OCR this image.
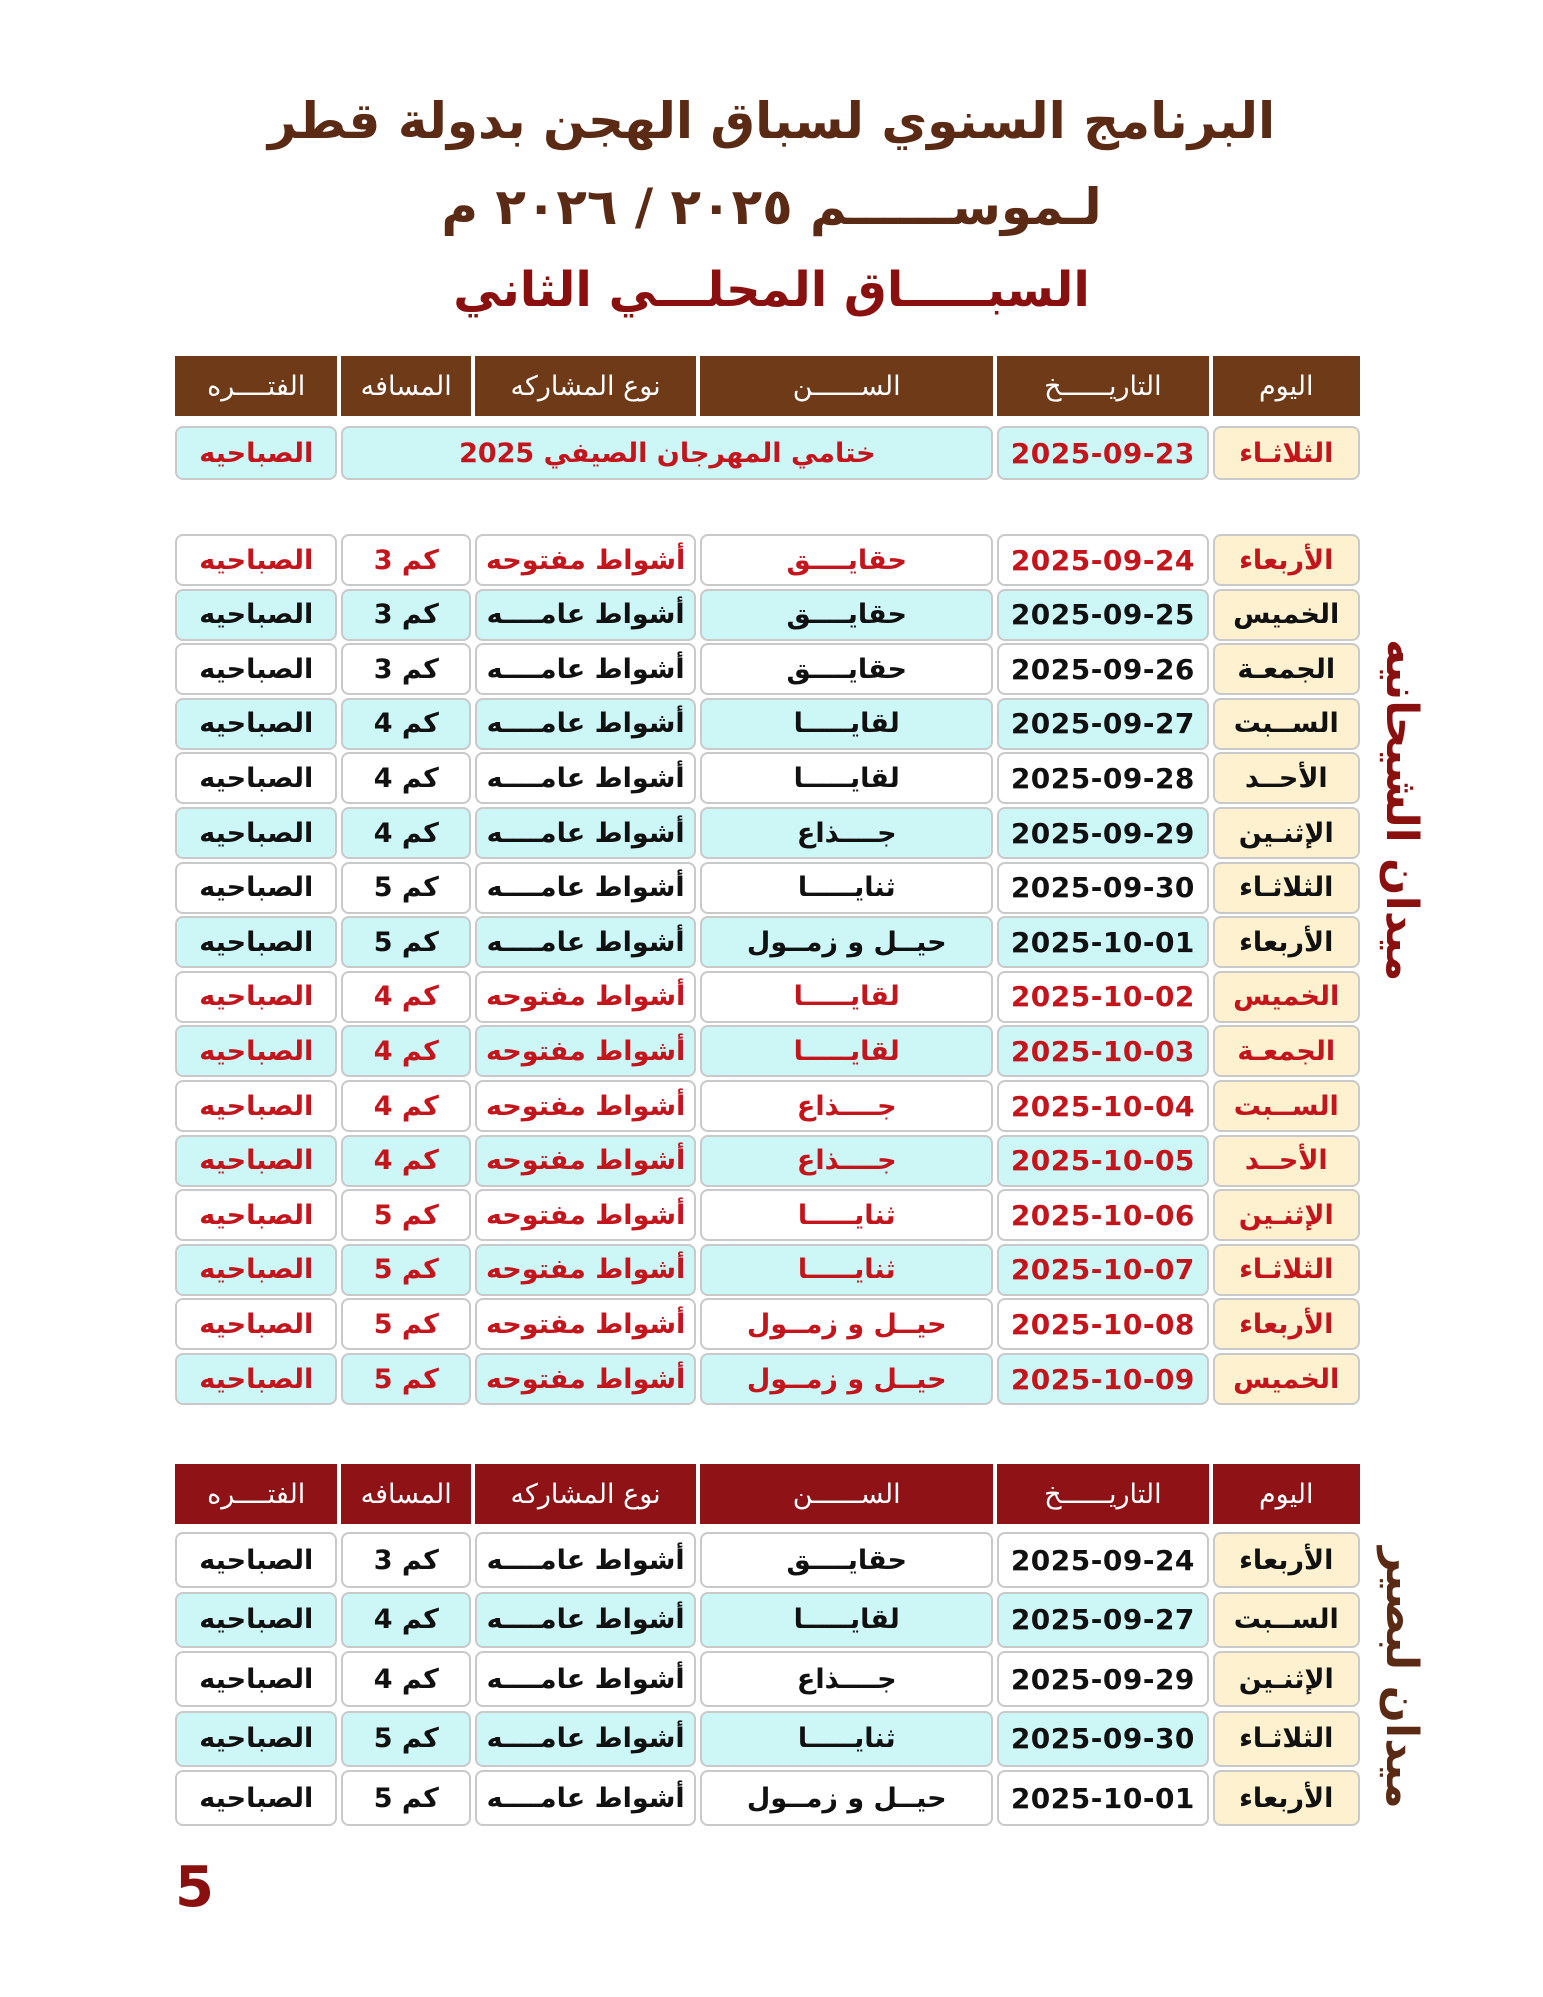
البرنامج السنوي لسباق الهجن بدولة قطر
لـموســــــم ٢٠٢٥ / ٢٠٢٦ م
السبـــــاق المحلـــي الثاني
اليوم
التاريــــــخ
الســــــن
نوع المشاركه
المسافه
الفتــــره
الثلاثـاء
2025-09-23
ختامي المهرجان الصيفي 2025
الصباحيه
الأربعاء
2025-09-24
حقايــــق
أشواط مفتوحه
3 كم
الصباحيه
الخميس
2025-09-25
حقايــــق
أشواط عامــــه
3 كم
الصباحيه
الجمعـة
2025-09-26
حقايــــق
أشواط عامــــه
3 كم
الصباحيه
الســبت
2025-09-27
لقايـــــا
أشواط عامــــه
4 كم
الصباحيه
الأحــد
2025-09-28
لقايـــــا
أشواط عامــــه
4 كم
الصباحيه
الإثنـين
2025-09-29
جــــذاع
أشواط عامــــه
4 كم
الصباحيه
الثلاثـاء
2025-09-30
ثنايـــــا
أشواط عامــــه
5 كم
الصباحيه
الأربعاء
2025-10-01
حيــل و زمــول
أشواط عامــــه
5 كم
الصباحيه
الخميس
2025-10-02
لقايـــــا
أشواط مفتوحه
4 كم
الصباحيه
الجمعـة
2025-10-03
لقايـــــا
أشواط مفتوحه
4 كم
الصباحيه
الســبت
2025-10-04
جــــذاع
أشواط مفتوحه
4 كم
الصباحيه
الأحــد
2025-10-05
جــــذاع
أشواط مفتوحه
4 كم
الصباحيه
الإثنـين
2025-10-06
ثنايـــــا
أشواط مفتوحه
5 كم
الصباحيه
الثلاثـاء
2025-10-07
ثنايـــــا
أشواط مفتوحه
5 كم
الصباحيه
الأربعاء
2025-10-08
حيــل و زمــول
أشواط مفتوحه
5 كم
الصباحيه
الخميس
2025-10-09
حيــل و زمــول
أشواط مفتوحه
5 كم
الصباحيه
ميدان الشيحانيه
اليوم
التاريــــــخ
الســــــن
نوع المشاركه
المسافه
الفتــــره
الأربعاء
2025-09-24
حقايــــق
أشواط عامــــه
3 كم
الصباحيه
الســبت
2025-09-27
لقايـــــا
أشواط عامــــه
4 كم
الصباحيه
الإثنـين
2025-09-29
جــــذاع
أشواط عامــــه
4 كم
الصباحيه
الثلاثـاء
2025-09-30
ثنايـــــا
أشواط عامــــه
5 كم
الصباحيه
الأربعاء
2025-10-01
حيــل و زمــول
أشواط عامــــه
5 كم
الصباحيه	ميدان لبصير
5
